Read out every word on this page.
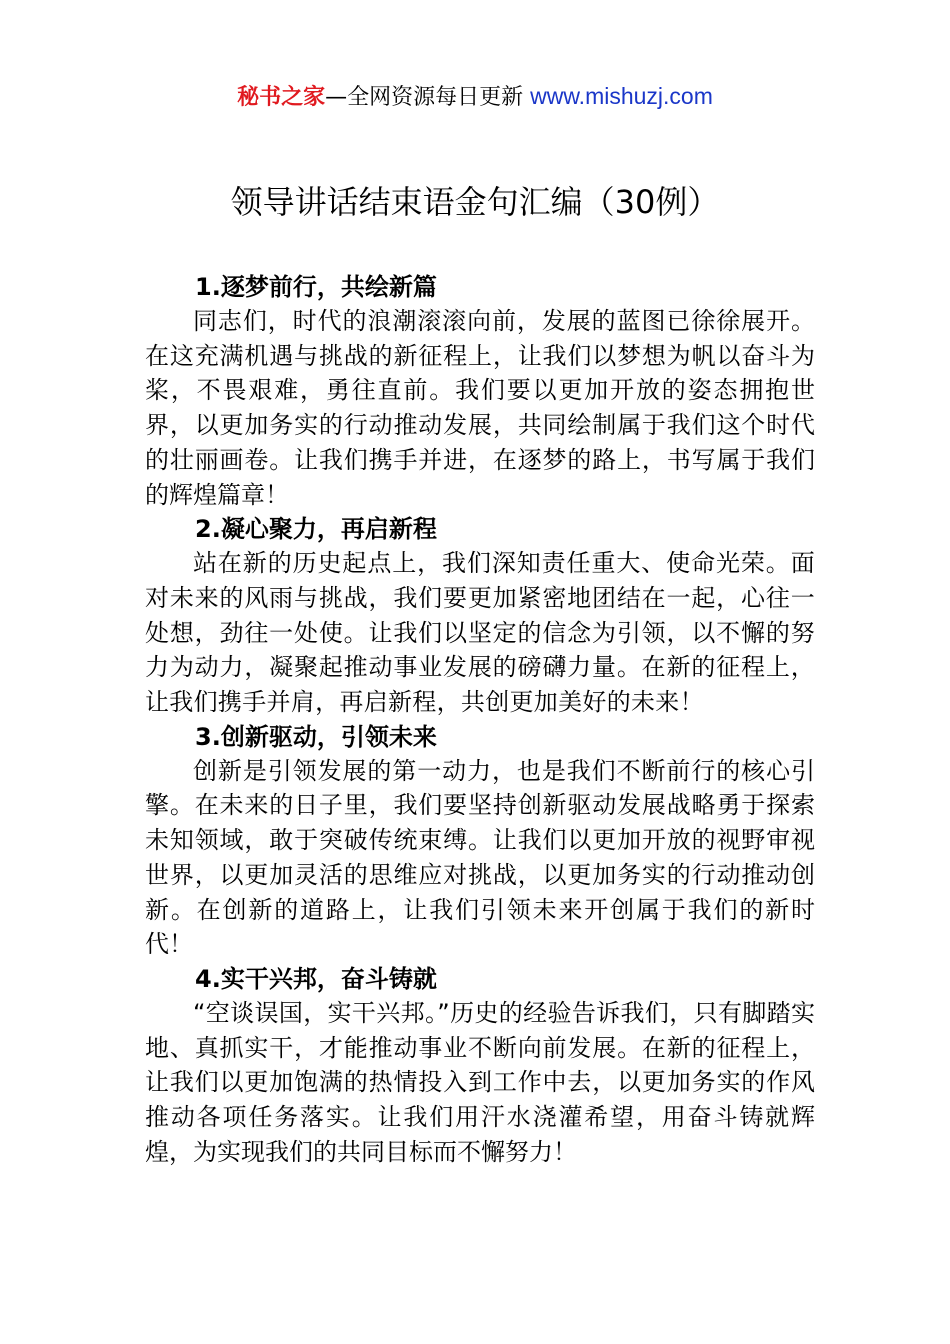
秘书之家—全网资源每日更新 www.mishuzj.com
领导讲话结束语金句汇编（30例）

1.逐梦前行，共绘新篇

同志们，时代的浪潮滚滚向前，发展的蓝图已徐徐展开。在这充满机遇与挑战的新征程上，让我们以梦想为帆以奋斗为桨，不畏艰难，勇往直前。我们要以更加开放的姿态拥抱世界，以更加务实的行动推动发展，共同绘制属于我们这个时代的壮丽画卷。让我们携手并进，在逐梦的路上，书写属于我们的辉煌篇章！

2.凝心聚力，再启新程

站在新的历史起点上，我们深知责任重大、使命光荣。面对未来的风雨与挑战，我们要更加紧密地团结在一起，心往一处想，劲往一处使。让我们以坚定的信念为引领，以不懈的努力为动力，凝聚起推动事业发展的磅礴力量。在新的征程上，让我们携手并肩，再启新程，共创更加美好的未来！

3.创新驱动，引领未来

创新是引领发展的第一动力，也是我们不断前行的核心引擎。在未来的日子里，我们要坚持创新驱动发展战略勇于探索未知领域，敢于突破传统束缚。让我们以更加开放的视野审视世界，以更加灵活的思维应对挑战，以更加务实的行动推动创新。在创新的道路上，让我们引领未来开创属于我们的新时代！

4.实干兴邦，奋斗铸就

“空谈误国，实干兴邦。”历史的经验告诉我们，只有脚踏实地、真抓实干，才能推动事业不断向前发展。在新的征程上，让我们以更加饱满的热情投入到工作中去，以更加务实的作风推动各项任务落实。让我们用汗水浇灌希望，用奋斗铸就辉煌，为实现我们的共同目标而不懈努力！
